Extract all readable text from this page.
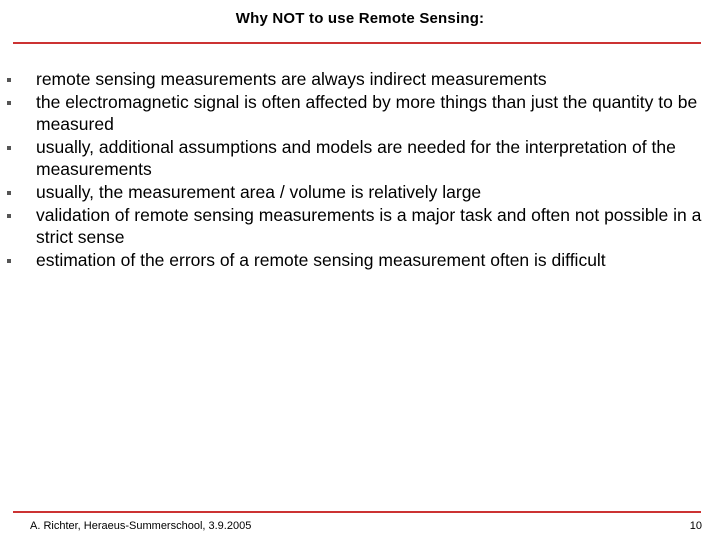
Why NOT to use Remote Sensing:
remote sensing measurements are always indirect measurements
the electromagnetic signal is often affected by more things than just the quantity to be measured
usually, additional assumptions and models are needed for the interpretation of the measurements
usually, the measurement area / volume is relatively large
validation of remote sensing measurements is a major task and often not possible in a strict sense
estimation of the errors of a remote sensing measurement often is difficult
A. Richter, Heraeus-Summerschool, 3.9.2005	10
